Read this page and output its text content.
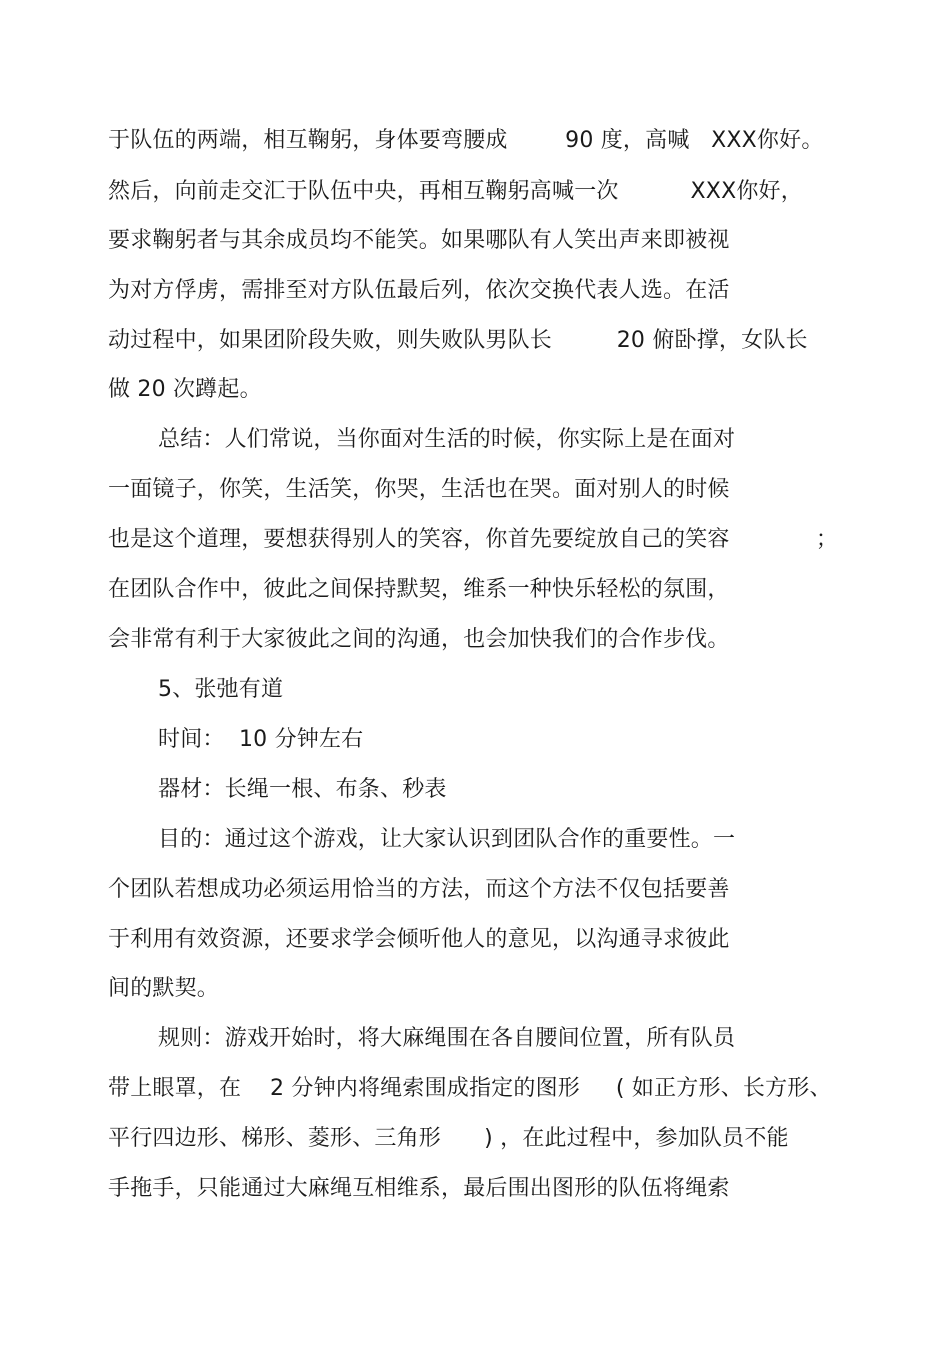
于队伍的两端，相互鞠躬，身体要弯腰成        90 度，高喊   XXX你好。
然后，向前走交汇于队伍中央，再相互鞠躬高喊一次          XXX你好，
要求鞠躬者与其余成员均不能笑。如果哪队有人笑出声来即被视
为对方俘虏，需排至对方队伍最后列，依次交换代表人选。在活
动过程中，如果团阶段失败，则失败队男队长         20 俯卧撑，女队长
做 20 次蹲起。
总结：人们常说，当你面对生活的时候，你实际上是在面对
一面镜子，你笑，生活笑，你哭，生活也在哭。面对别人的时候
也是这个道理，要想获得别人的笑容，你首先要绽放自己的笑容            ；
在团队合作中，彼此之间保持默契，维系一种快乐轻松的氛围，
会非常有利于大家彼此之间的沟通，也会加快我们的合作步伐。
5、张弛有道
时间：  10 分钟左右
器材：长绳一根、布条、秒表
目的：通过这个游戏，让大家认识到团队合作的重要性。一
个团队若想成功必须运用恰当的方法，而这个方法不仅包括要善
于利用有效资源，还要求学会倾听他人的意见，以沟通寻求彼此
间的默契。
规则：游戏开始时，将大麻绳围在各自腰间位置，所有队员
带上眼罩，在    2 分钟内将绳索围成指定的图形     ( 如正方形、长方形、
平行四边形、梯形、菱形、三角形      ) ，在此过程中，参加队员不能
手拖手，只能通过大麻绳互相维系，最后围出图形的队伍将绳索
